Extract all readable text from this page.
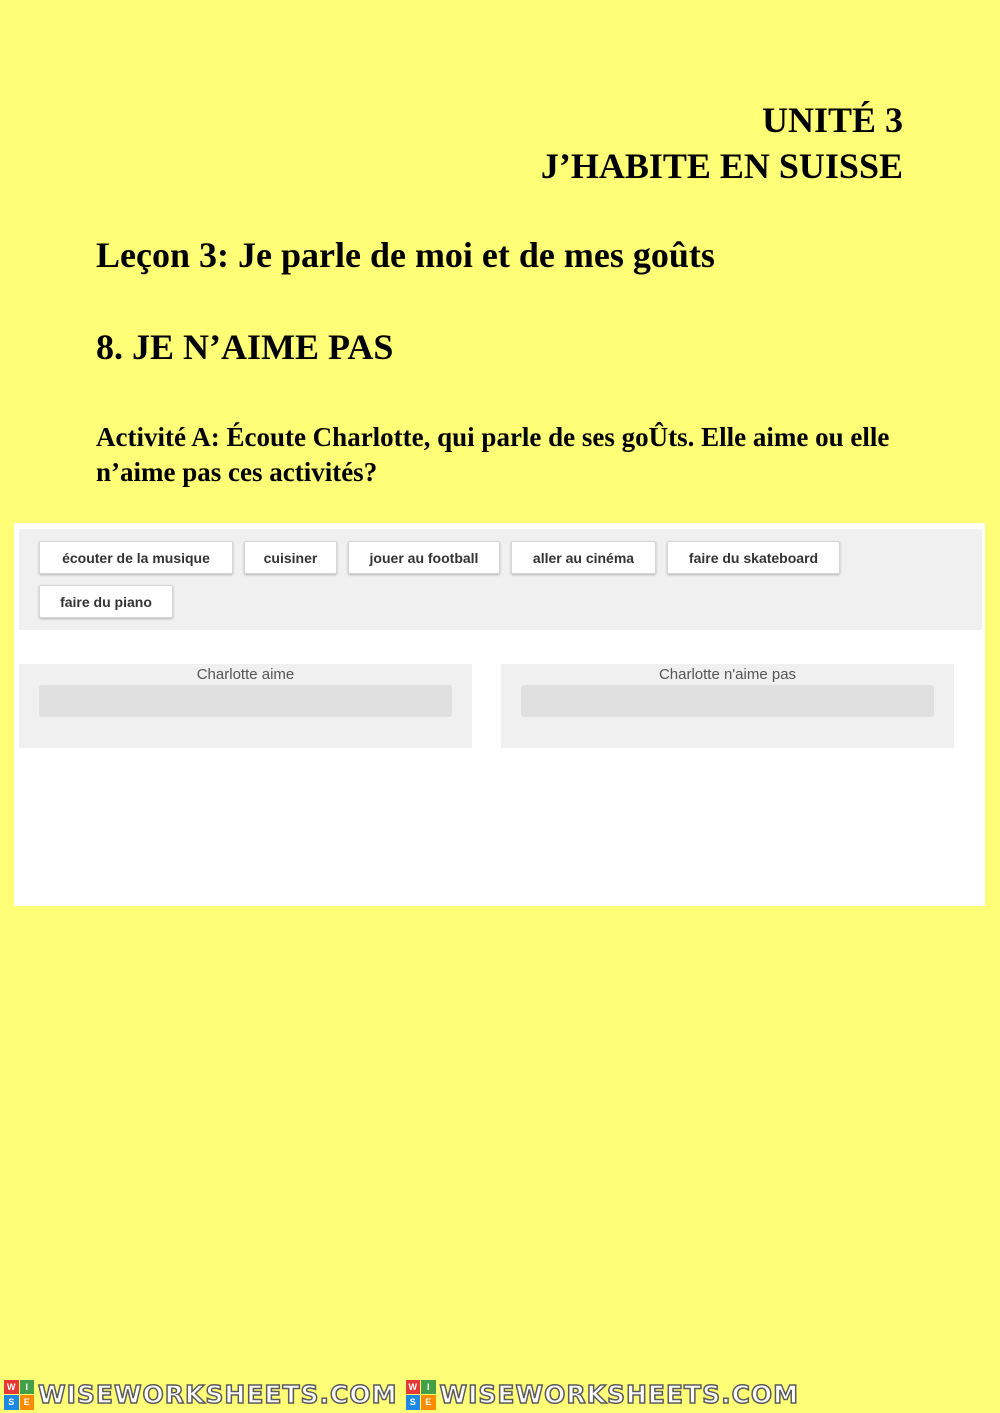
UNITÉ 3
J’HABITE EN SUISSE
Leçon 3: Je parle de moi et de mes goûts
8. JE N’AIME PAS
Activité A: Écoute Charlotte, qui parle de ses goÛts. Elle aime ou elle n’aime pas ces activités?
écouter de la musique	cuisiner	jouer au football	aller au cinéma	faire du skateboard
faire du piano
Charlotte aime	Charlotte n'aime pas
W	I
S	E WISEWORKSHEETS.COM	W	I
S	E WISEWORKSHEETS.COM
